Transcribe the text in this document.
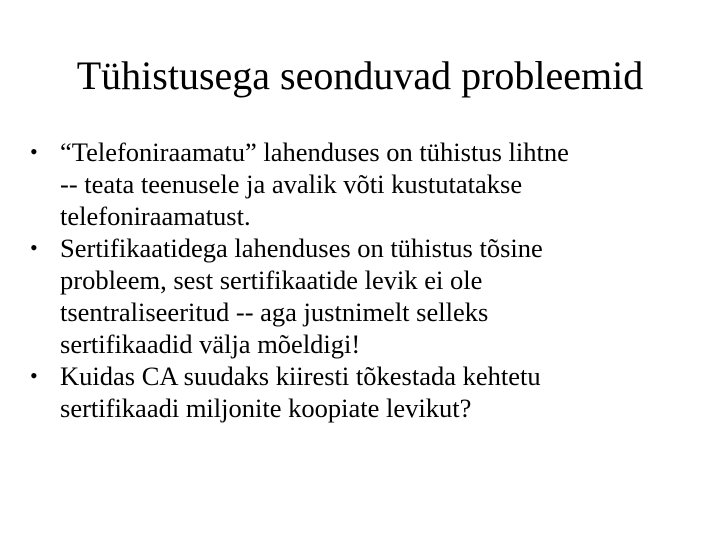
Tühistusega seonduvad probleemid
• “Telefoniraamatu” lahenduses on tühistus lihtne
-- teata teenusele ja avalik võti kustutatakse
telefoniraamatust.
• Sertifikaatidega lahenduses on tühistus tõsine
probleem, sest sertifikaatide levik ei ole
tsentraliseeritud -- aga justnimelt selleks
sertifikaadid välja mõeldigi!
• Kuidas CA suudaks kiiresti tõkestada kehtetu
sertifikaadi miljonite koopiate levikut?
